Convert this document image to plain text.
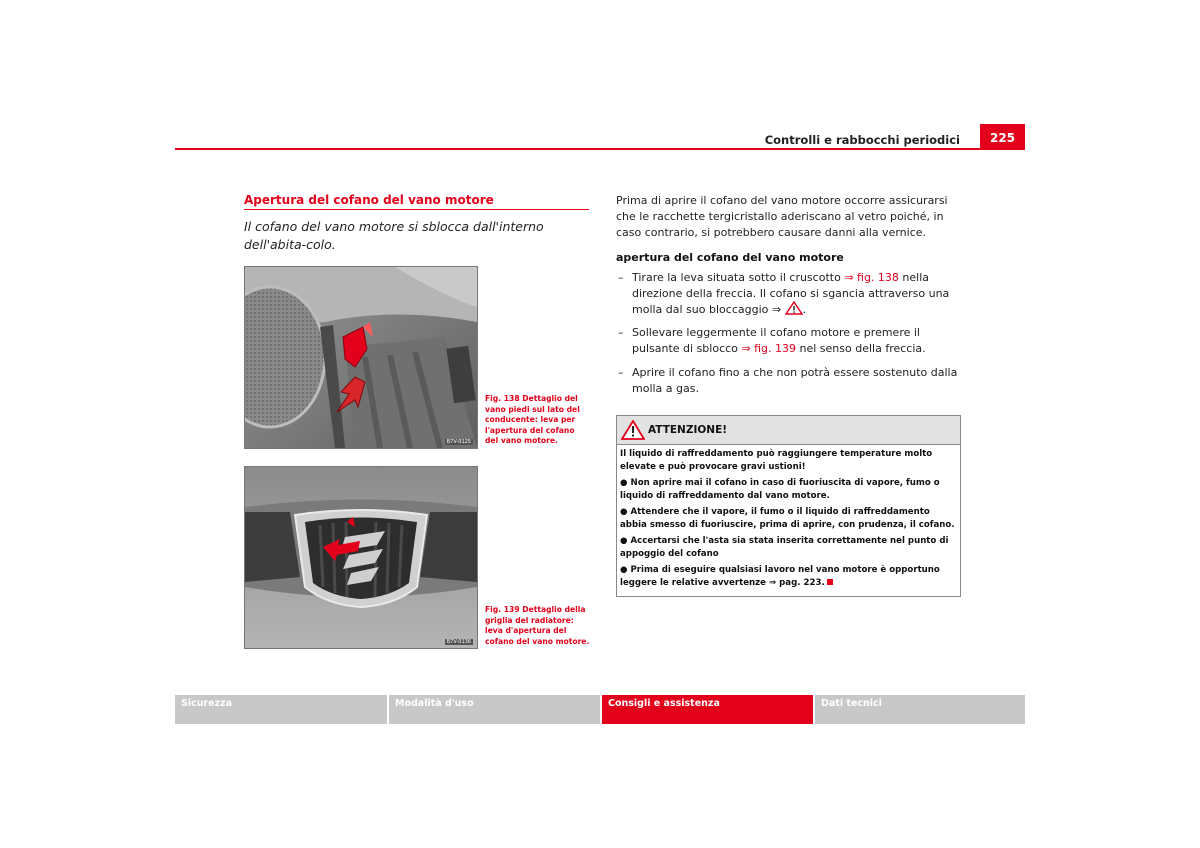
Controlli e rabbocchi periodici	225
Apertura del cofano del vano motore
Il cofano del vano motore si sblocca dall'interno dell'abita-colo.
B7V-0125
Fig. 138 Dettaglio del vano piedi sul lato del conducente: leva per l'apertura del cofano del vano motore.
B7V-0136
Fig. 139 Dettaglio della griglia del radiatore: leva d'apertura del cofano del vano motore.
Prima di aprire il cofano del vano motore occorre assicurarsi che le racchette tergicristallo aderiscano al vetro poiché, in caso contrario, si potrebbero causare danni alla vernice.
apertura del cofano del vano motore
– Tirare la leva situata sotto il cruscotto ⇒ fig. 138 nella direzione della freccia. Il cofano si sgancia attraverso una molla dal suo bloccaggio ⇒ .
– Sollevare leggermente il cofano motore e premere il pulsante di sblocco ⇒ fig. 139 nel senso della freccia.
– Aprire il cofano fino a che non potrà essere sostenuto dalla molla a gas.
ATTENZIONE!

Il liquido di raffreddamento può raggiungere temperature molto elevate e può provocare gravi ustioni!

● Non aprire mai il cofano in caso di fuoriuscita di vapore, fumo o liquido di raffreddamento dal vano motore.

● Attendere che il vapore, il fumo o il liquido di raffreddamento abbia smesso di fuoriuscire, prima di aprire, con prudenza, il cofano.

● Accertarsi che l'asta sia stata inserita correttamente nel punto di appoggio del cofano

● Prima di eseguire qualsiasi lavoro nel vano motore è opportuno leggere le relative avvertenze ⇒ pag. 223.

Sicurezza	Modalità d'uso	Consigli e assistenza	Dati tecnici
